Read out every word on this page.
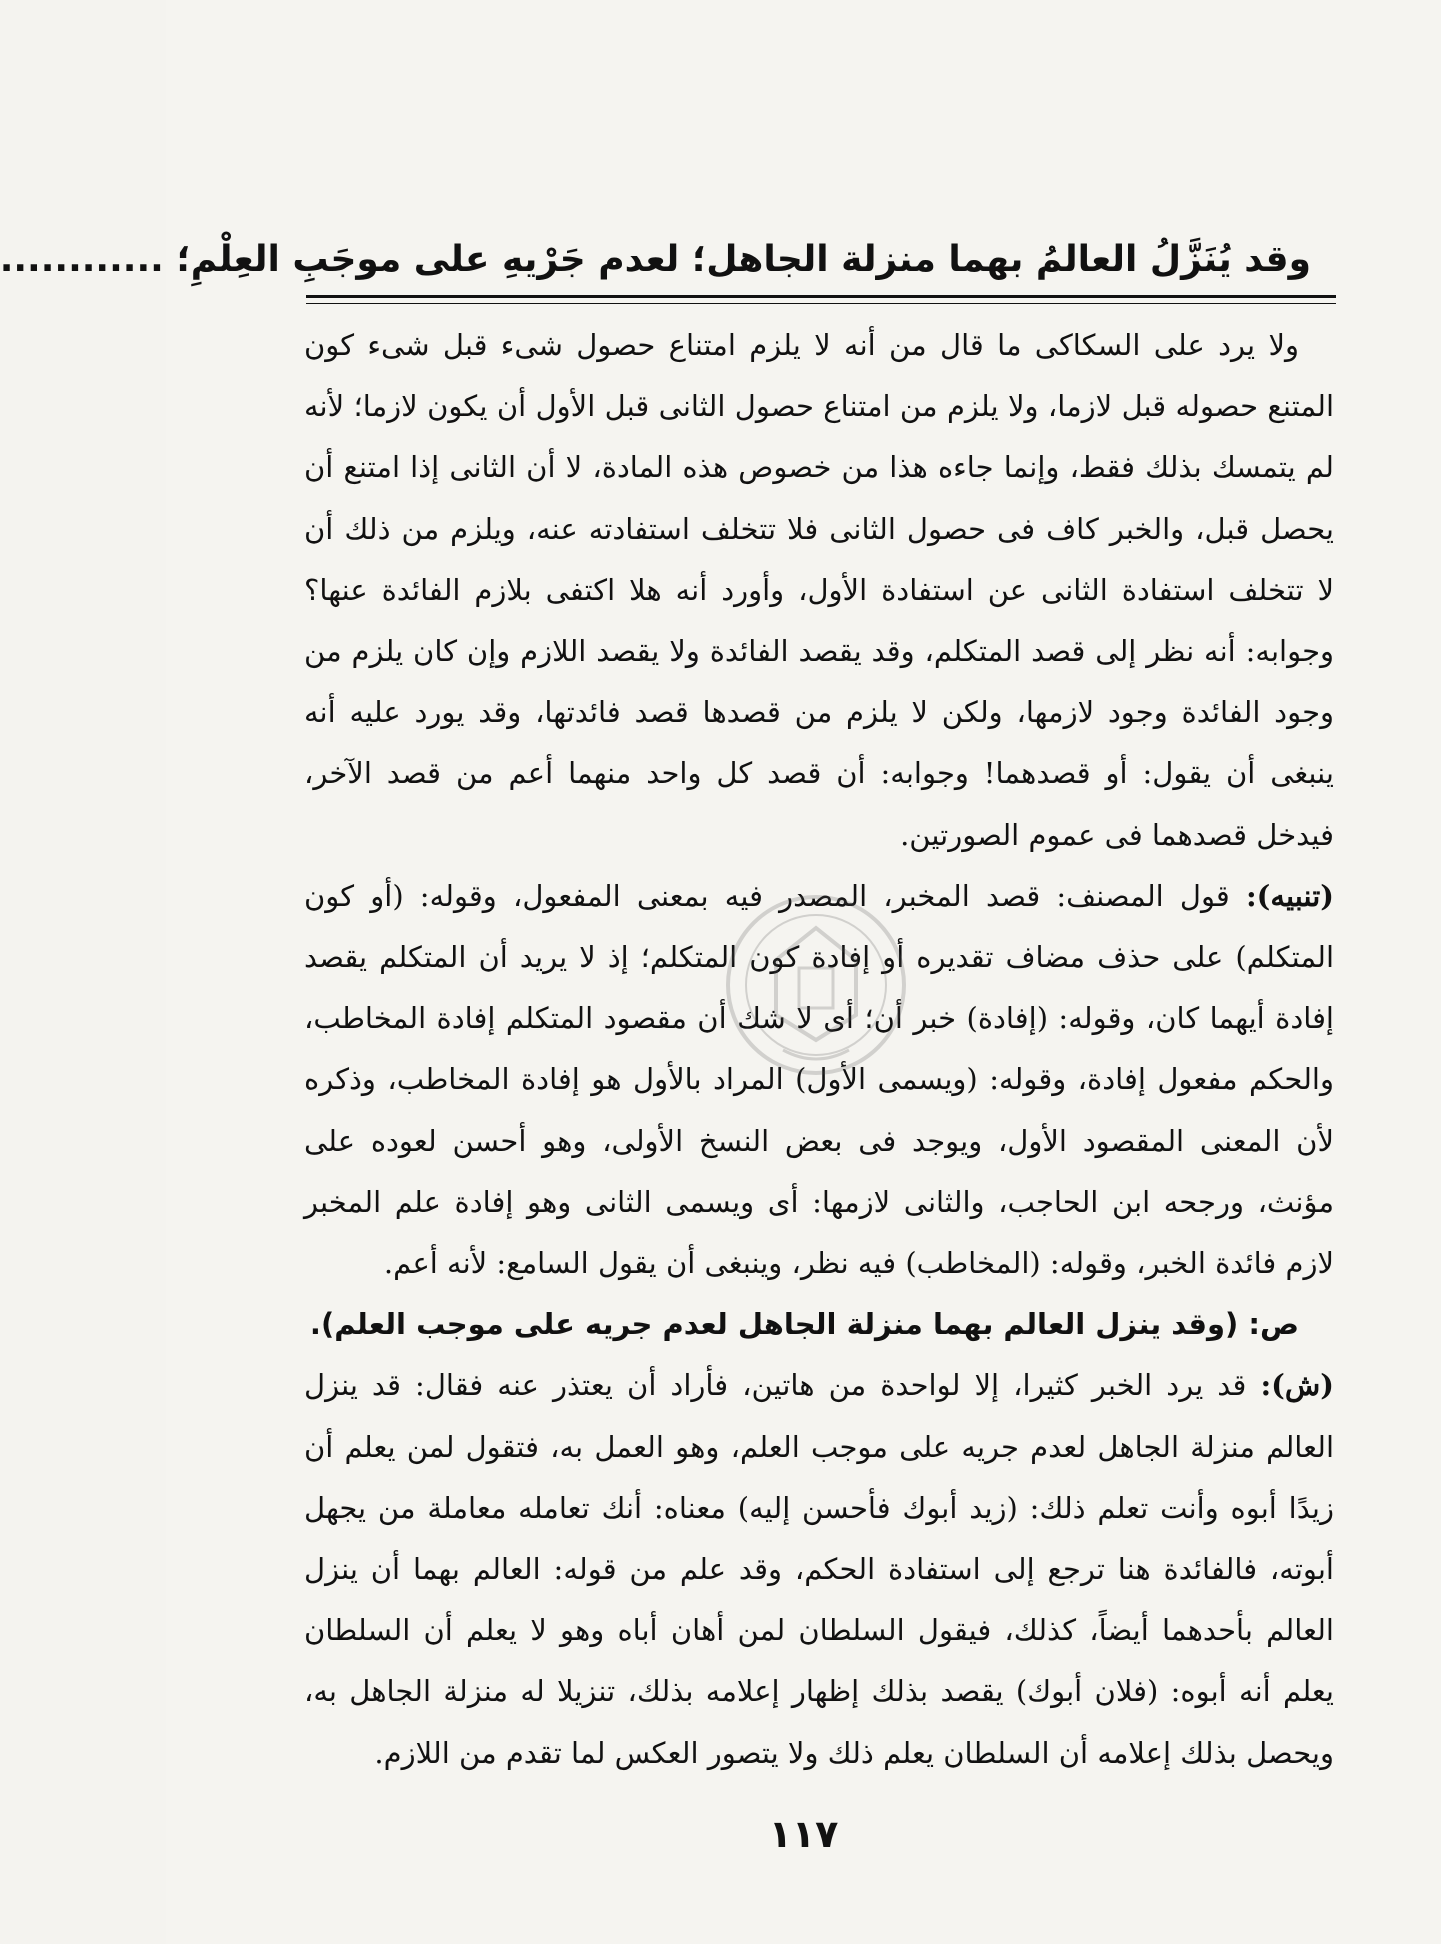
وقد يُنَزَّلُ العالمُ بهما منزلة الجاهل؛ لعدم جَرْيهِ على موجَبِ العِلْمِ؛ ............

ولا يرد على السكاكى ما قال من أنه لا يلزم امتناع حصول شىء قبل شىء كون المتنع حصوله قبل لازما، ولا يلزم من امتناع حصول الثانى قبل الأول أن يكون لازما؛ لأنه لم يتمسك بذلك فقط، وإنما جاءه هذا من خصوص هذه المادة، لا أن الثانى إذا امتنع أن يحصل قبل، والخبر كاف فى حصول الثانى فلا تتخلف استفادته عنه، ويلزم من ذلك أن لا تتخلف استفادة الثانى عن استفادة الأول، وأورد أنه هلا اكتفى بلازم الفائدة عنها؟ وجوابه: أنه نظر إلى قصد المتكلم، وقد يقصد الفائدة ولا يقصد اللازم وإن كان يلزم من وجود الفائدة وجود لازمها، ولكن لا يلزم من قصدها قصد فائدتها، وقد يورد عليه أنه ينبغى أن يقول: أو قصدهما! وجوابه: أن قصد كل واحد منهما أعم من قصد الآخر، فيدخل قصدهما فى عموم الصورتين.

(تنبيه): قول المصنف: قصد المخبر، المصدر فيه بمعنى المفعول، وقوله: (أو كون المتكلم) على حذف مضاف تقديره أو إفادة كون المتكلم؛ إذ لا يريد أن المتكلم يقصد إفادة أيهما كان، وقوله: (إفادة) خبر أن؛ أى لا شك أن مقصود المتكلم إفادة المخاطب، والحكم مفعول إفادة، وقوله: (ويسمى الأول) المراد بالأول هو إفادة المخاطب، وذكره لأن المعنى المقصود الأول، ويوجد فى بعض النسخ الأولى، وهو أحسن لعوده على مؤنث، ورجحه ابن الحاجب، والثانى لازمها: أى ويسمى الثانى وهو إفادة علم المخبر لازم فائدة الخبر، وقوله: (المخاطب) فيه نظر، وينبغى أن يقول السامع: لأنه أعم.

ص: (وقد ينزل العالم بهما منزلة الجاهل لعدم جريه على موجب العلم).

(ش): قد يرد الخبر كثيرا، إلا لواحدة من هاتين، فأراد أن يعتذر عنه فقال: قد ينزل العالم منزلة الجاهل لعدم جريه على موجب العلم، وهو العمل به، فتقول لمن يعلم أن زيدًا أبوه وأنت تعلم ذلك: (زيد أبوك فأحسن إليه) معناه: أنك تعامله معاملة من يجهل أبوته، فالفائدة هنا ترجع إلى استفادة الحكم، وقد علم من قوله: العالم بهما أن ينزل العالم بأحدهما أيضاً، كذلك، فيقول السلطان لمن أهان أباه وهو لا يعلم أن السلطان يعلم أنه أبوه: (فلان أبوك) يقصد بذلك إظهار إعلامه بذلك، تنزيلا له منزلة الجاهل به، ويحصل بذلك إعلامه أن السلطان يعلم ذلك ولا يتصور العكس لما تقدم من اللازم.

١١٧
